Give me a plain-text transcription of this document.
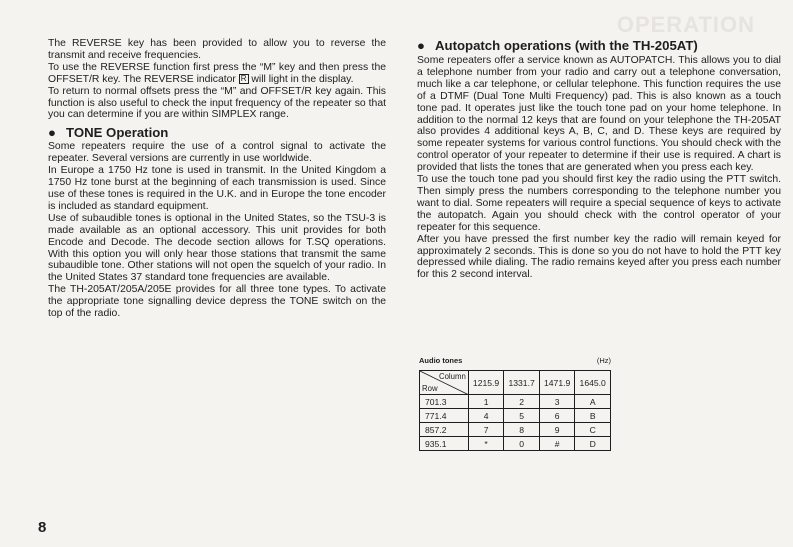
OPERATION

The REVERSE key has been provided to allow you to reverse the transmit and receive frequencies.

To use the REVERSE function first press the “M” key and then press the OFFSET/R key. The REVERSE indicator R will light in the display.

To return to normal offsets press the “M” and OFFSET/R key again. This function is also useful to check the input frequency of the repeater so that you can determine if you are within SIMPLEX range.

● TONE Operation

Some repeaters require the use of a control signal to activate the repeater. Several versions are currently in use worldwide.

In Europe a 1750 Hz tone is used in transmit. In the United Kingdom a 1750 Hz tone burst at the beginning of each transmission is used. Since use of these tones is required in the U.K. and in Europe the tone encoder is included as standard equipment.

Use of subaudible tones is optional in the United States, so the TSU-3 is made available as an optional accessory. This unit provides for both Encode and Decode. The decode section allows for T.SQ operations. With this option you will only hear those stations that transmit the same subaudible tone. Other stations will not open the squelch of your radio. In the United States 37 standard tone frequencies are available.

The TH-205AT/205A/205E provides for all three tone types. To activate the appropriate tone signalling device depress the TONE switch on the top of the radio.

● Autopatch operations (with the TH-205AT)

Some repeaters offer a service known as AUTOPATCH. This allows you to dial a telephone number from your radio and carry out a telephone conversation, much like a car telephone, or cellular telephone. This function requires the use of a DTMF (Dual Tone Multi Frequency) pad. This is also known as a touch tone pad. It operates just like the touch tone pad on your home telephone. In addition to the normal 12 keys that are found on your telephone the TH-205AT also provides 4 additional keys A, B, C, and D. These keys are required by some repeater systems for various control functions. You should check with the control operator of your repeater to determine if their use is required. A chart is provided that lists the tones that are generated when you press each key.

To use the touch tone pad you should first key the radio using the PTT switch. Then simply press the numbers corresponding to the telephone number you want to dial. Some repeaters will require a special sequence of keys to activate the autopatch. Again you should check with the control operator of your repeater for this sequence.

After you have pressed the first number key the radio will remain keyed for approximately 2 seconds. This is done so you do not have to hold the PTT key depressed while dialing. The radio remains keyed after you press each number for this 2 second interval.

Audio tones	(Hz)
Column
Row	1215.9	1331.7	1471.9	1645.0
701.3	1	2	3	A
771.4	4	5	6	B
857.2	7	8	9	C
935.1	*	0	#	D
8
